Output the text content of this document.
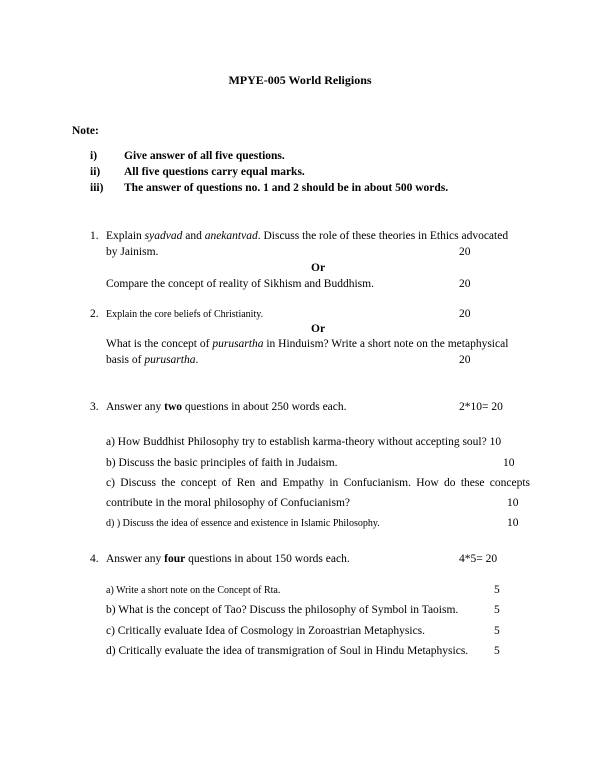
MPYE-005 World Religions
Note:
i) Give answer of all five questions.
ii) All five questions carry equal marks.
iii) The answer of questions no. 1 and 2 should be in about 500 words.
1. Explain syadvad and anekantvad. Discuss the role of these theories in Ethics advocated
by Jainism.	20
Or
Compare the concept of reality of Sikhism and Buddhism.	20
2. Explain the core beliefs of Christianity.	20
Or
What is the concept of purusartha in Hinduism? Write a short note on the metaphysical
basis of purusartha.	20
3. Answer any two questions in about 250 words each.	2*10= 20
a) How Buddhist Philosophy try to establish karma-theory without accepting soul? 10
b) Discuss the basic principles of faith in Judaism.	10
c) Discuss the concept of Ren and Empathy in Confucianism. How do these concepts
contribute in the moral philosophy of Confucianism?	10
d) ) Discuss the idea of essence and existence in Islamic Philosophy.	10
4. Answer any four questions in about 150 words each.	4*5= 20
a) Write a short note on the Concept of Rta.	5
b) What is the concept of Tao? Discuss the philosophy of Symbol in Taoism.	5
c) Critically evaluate Idea of Cosmology in Zoroastrian Metaphysics.	5
d) Critically evaluate the idea of transmigration of Soul in Hindu Metaphysics. 5
